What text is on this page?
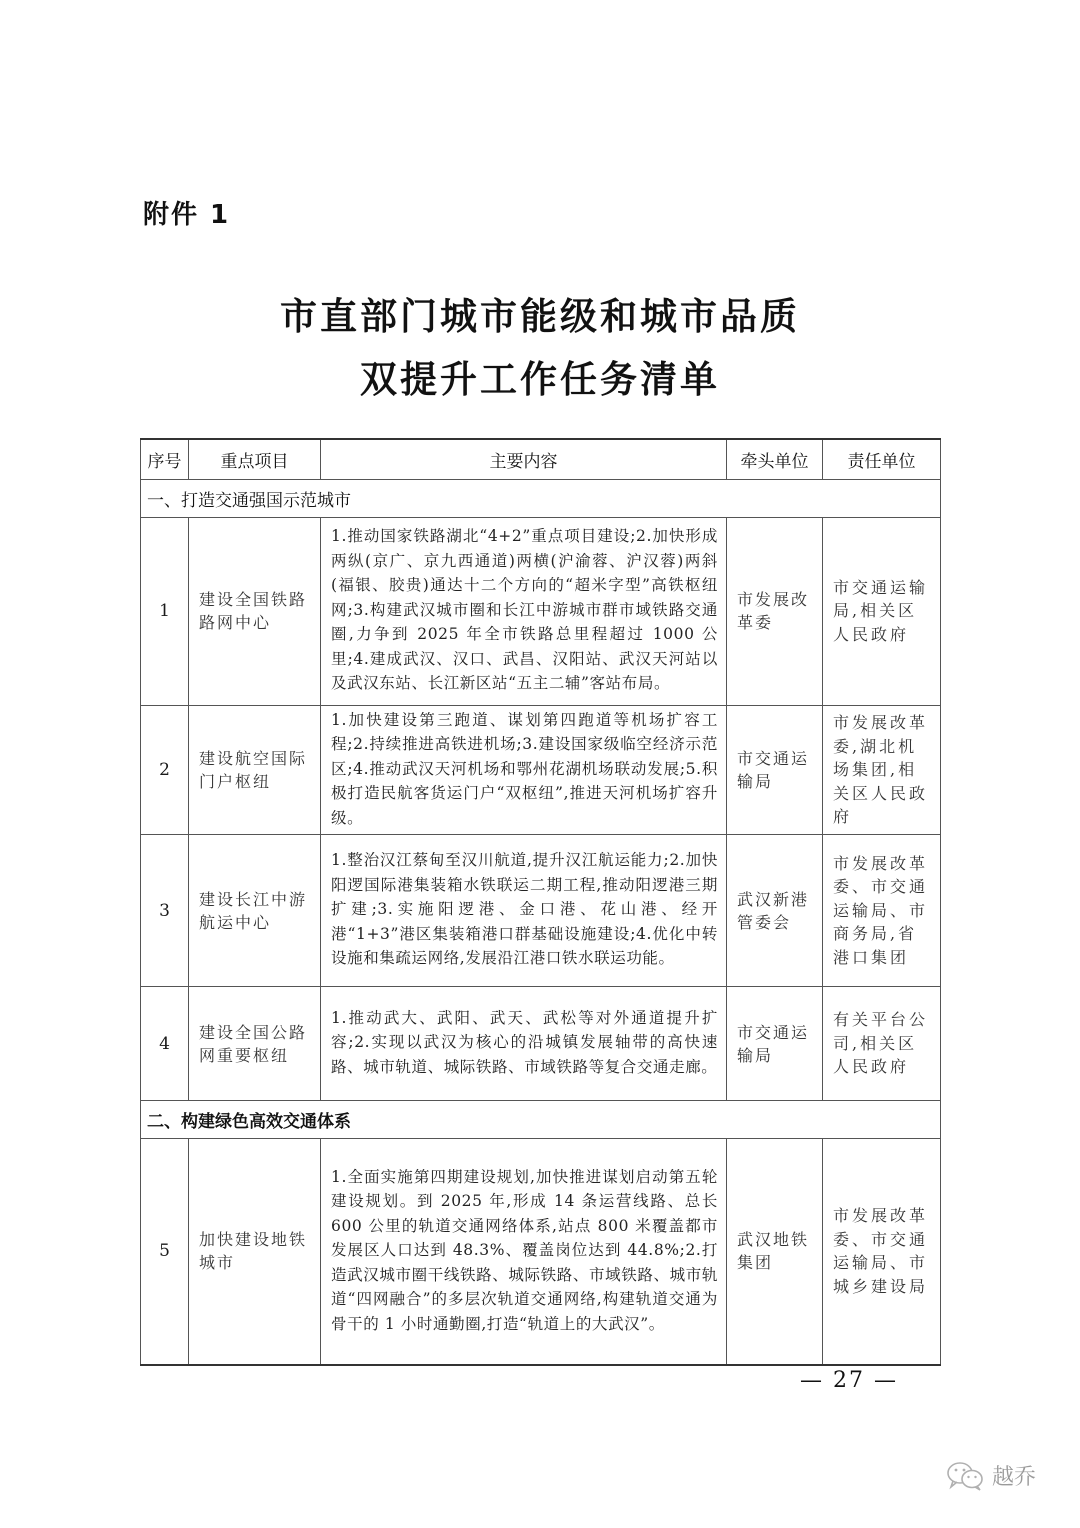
附件 1
市直部门城市能级和城市品质
双提升工作任务清单
序号	重点项目	主要内容	牵头单位	责任单位
一、打造交通强国示范城市				
1	建设全国铁路路网中心	1.推动国家铁路湖北“4+2”重点项目建设;2.加快形成两纵(京广、京九西通道)两横(沪渝蓉、沪汉蓉)两斜(福银、胶贵)通达十二个方向的“超米字型”高铁枢纽网;3.构建武汉城市圈和长江中游城市群市域铁路交通圈,力争到 2025 年全市铁路总里程超过 1000 公里;4.建成武汉、汉口、武昌、汉阳站、武汉天河站以及武汉东站、长江新区站“五主二辅”客站布局。	市发展改革委	市交通运输局,相关区人民政府
2	建设航空国际门户枢纽	1.加快建设第三跑道、谋划第四跑道等机场扩容工程;2.持续推进高铁进机场;3.建设国家级临空经济示范区;4.推动武汉天河机场和鄂州花湖机场联动发展;5.积极打造民航客货运门户“双枢纽”,推进天河机场扩容升级。	市交通运输局	市发展改革委,湖北机场集团,相关区人民政府
3	建设长江中游航运中心	1.整治汉江蔡甸至汉川航道,提升汉江航运能力;2.加快阳逻国际港集装箱水铁联运二期工程,推动阳逻港三期扩建;3.实施阳逻港、金口港、花山港、经开港“1+3”港区集装箱港口群基础设施建设;4.优化中转设施和集疏运网络,发展沿江港口铁水联运功能。	武汉新港管委会	市发展改革委、市交通运输局、市商务局,省港口集团
4	建设全国公路网重要枢纽	1.推动武大、武阳、武天、武松等对外通道提升扩容;2.实现以武汉为核心的沿城镇发展轴带的高快速路、城市轨道、城际铁路、市域铁路等复合交通走廊。	市交通运输局	有关平台公司,相关区人民政府
二、构建绿色高效交通体系				
5	加快建设地铁城市	1.全面实施第四期建设规划,加快推进谋划启动第五轮建设规划。到 2025 年,形成 14 条运营线路、总长 600 公里的轨道交通网络体系,站点 800 米覆盖都市发展区人口达到 48.3%、覆盖岗位达到 44.8%;2.打造武汉城市圈干线铁路、城际铁路、市域铁路、城市轨道“四网融合”的多层次轨道交通网络,构建轨道交通为骨干的 1 小时通勤圈,打造“轨道上的大武汉”。	武汉地铁集团	市发展改革委、市交通运输局、市城乡建设局
— 27 —
越乔
